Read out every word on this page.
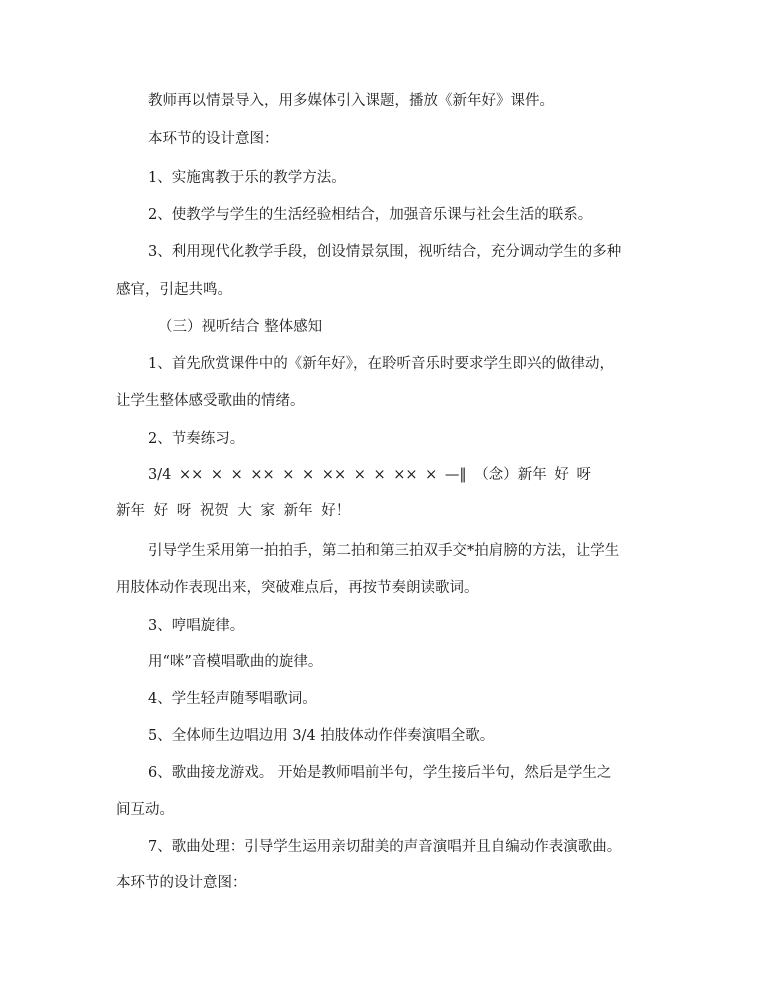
教师再以情景导入，用多媒体引入课题，播放《新年好》课件。
本环节的设计意图：
1、实施寓教于乐的教学方法。
2、使教学与学生的生活经验相结合，加强音乐课与社会生活的联系。
3、利用现代化教学手段，创设情景氛围，视听结合，充分调动学生的多种
感官，引起共鸣。
（三）视听结合 整体感知
1、首先欣赏课件中的《新年好》，在聆听音乐时要求学生即兴的做律动，
让学生整体感受歌曲的情绪。
2、节奏练习。
3/4 ×× × × ×× × × ×× × × ×× × —‖ （念）新年 好 呀
新年 好 呀 祝贺 大 家 新年 好！
引导学生采用第一拍拍手，第二拍和第三拍双手交*拍肩膀的方法，让学生
用肢体动作表现出来，突破难点后，再按节奏朗读歌词。
3、哼唱旋律。
用“咪”音模唱歌曲的旋律。
4、学生轻声随琴唱歌词。
5、全体师生边唱边用 3/4 拍肢体动作伴奏演唱全歌。
6、歌曲接龙游戏。 开始是教师唱前半句，学生接后半句，然后是学生之
间互动。
7、歌曲处理：引导学生运用亲切甜美的声音演唱并且自编动作表演歌曲。
本环节的设计意图：
